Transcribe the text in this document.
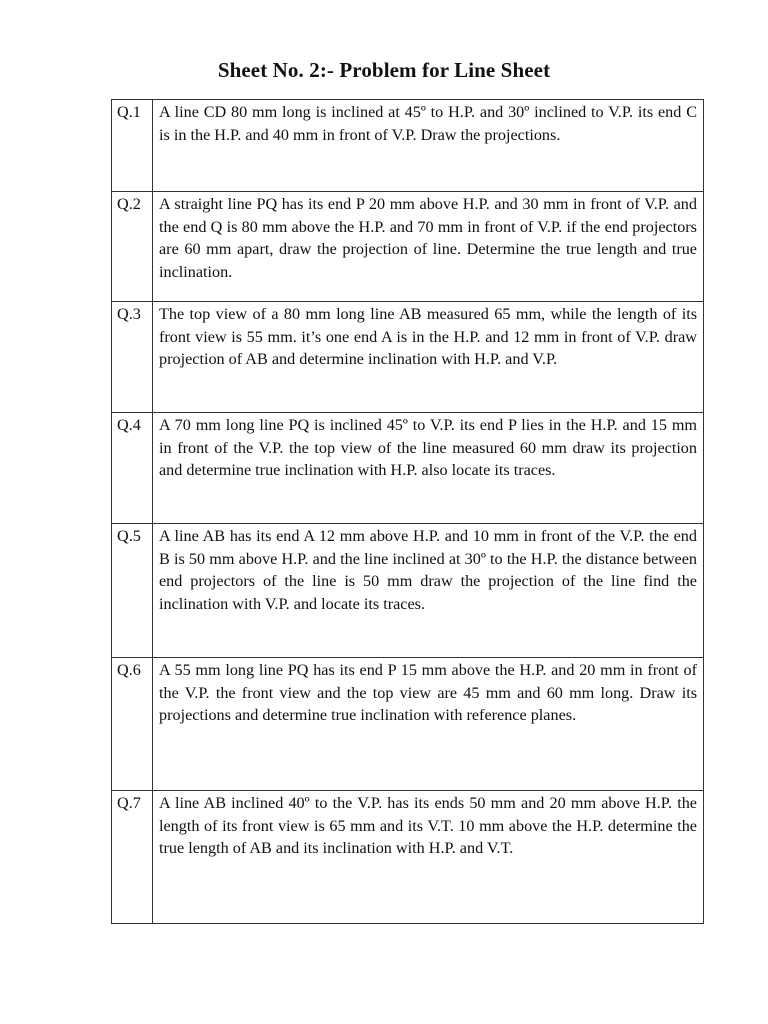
Sheet No. 2:- Problem for Line Sheet
Q.1	A line CD 80 mm long is inclined at 45º to H.P. and 30º inclined to V.P. its end C is in the H.P. and 40 mm in front of V.P. Draw the projections.
Q.2	A straight line PQ has its end P 20 mm above H.P. and 30 mm in front of V.P. and the end Q is 80 mm above the H.P. and 70 mm in front of V.P. if the end projectors are 60 mm apart, draw the projection of line. Determine the true length and true inclination.
Q.3	The top view of a 80 mm long line AB measured 65 mm, while the length of its front view is 55 mm. it’s one end A is in the H.P. and 12 mm in front of V.P. draw projection of AB and determine inclination with H.P. and V.P.
Q.4	A 70 mm long line PQ is inclined 45º to V.P. its end P lies in the H.P. and 15 mm in front of the V.P. the top view of the line measured 60 mm draw its projection and determine true inclination with H.P. also locate its traces.
Q.5	A line AB has its end A 12 mm above H.P. and 10 mm in front of the V.P. the end B is 50 mm above H.P. and the line inclined at 30º to the H.P. the distance between end projectors of the line is 50 mm draw the projection of the line find the inclination with V.P. and locate its traces.
Q.6	A 55 mm long line PQ has its end P 15 mm above the H.P. and 20 mm in front of the V.P. the front view and the top view are 45 mm and 60 mm long. Draw its projections and determine true inclination with reference planes.
Q.7	A line AB inclined 40º to the V.P. has its ends 50 mm and 20 mm above H.P. the length of its front view is 65 mm and its V.T. 10 mm above the H.P. determine the true length of AB and its inclination with H.P. and V.T.
